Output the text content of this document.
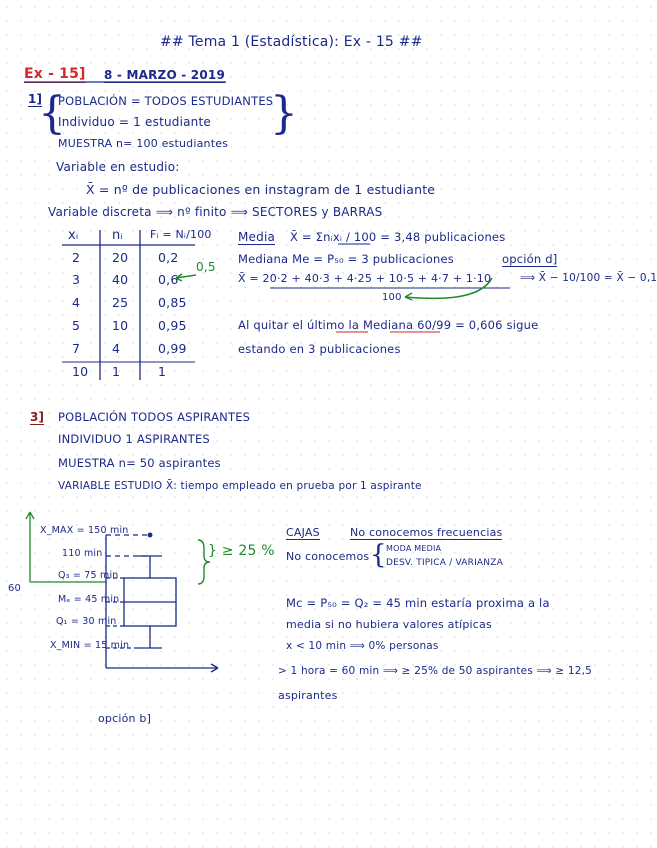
## Tema 1 (Estadística): Ex - 15 ##
Ex - 15] 8 - MARZO - 2019
1]
{
POBLACIÓN = TODOS ESTUDIANTES
Individuo = 1 estudiante
MUESTRA n= 100 estudiantes
}
Variable en estudio:
X̄ = nº de publicaciones en instagram de 1 estudiante
Variable discreta ⟹ nº finito ⟹ SECTORES y BARRAS
xᵢ	nᵢ Fᵢ = Nᵢ/100
2	20 0,2
3	40 0,6
4	25 0,85
5	10 0,95
7	4	0,99
10 1	1
0,5
Media X̄ = Σnᵢxᵢ / 100 = 3,48 publicaciones
Mediana Me = P₅₀ = 3 publicaciones	opción d]
X̄ = 20·2 + 40·3 + 4·25 + 10·5 + 4·7 + 1·10
100
⟹ X̄ − 10/100 = X̄ − 0,1
Al quitar el último la Mediana 60/99 = 0,606 sigue
estando en 3 publicaciones
3] POBLACIÓN TODOS ASPIRANTES
INDIVIDUO 1 ASPIRANTES
MUESTRA n= 50 aspirantes
VARIABLE ESTUDIO X̄: tiempo empleado en prueba por 1 aspirante
X_MAX = 150 min
110 min
Q₃ = 75 min
60
Mₑ = 45 min
Q₁ = 30 min
X_MIN = 15 min
} ≥ 25 %
CAJAS	No conocemos frecuencias
No conocemos { MODA MEDIA
DESV. TIPICA / VARIANZA
Mc = P₅₀ = Q₂ = 45 min estaría proxima a la
media si no hubiera valores atípicas
x < 10 min ⟹ 0% personas
> 1 hora = 60 min ⟹ ≥ 25% de 50 aspirantes ⟹ ≥ 12,5
aspirantes
opción b]
